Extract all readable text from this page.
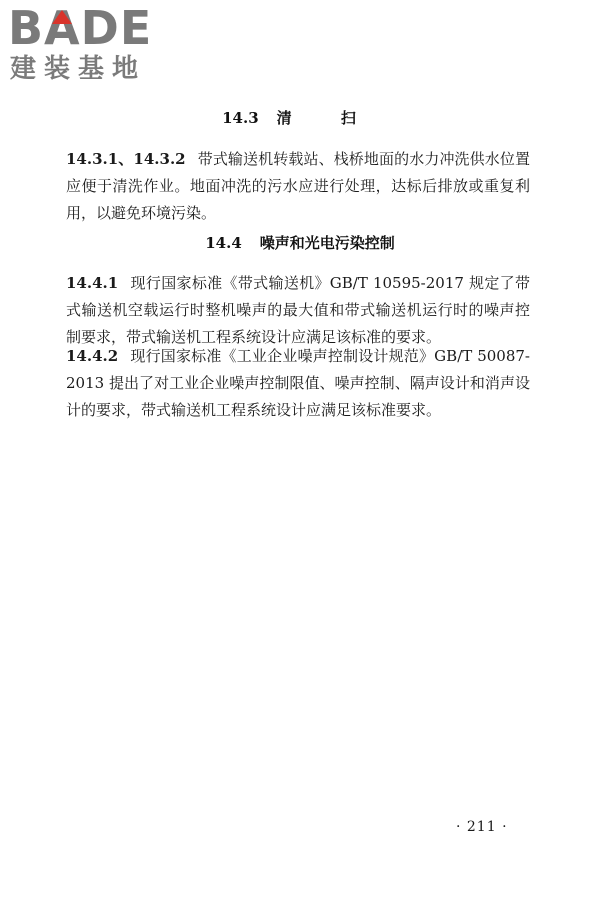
BADE
建装基地
14.3 清 扫
14.3.1、14.3.2 带式输送机转载站、栈桥地面的水力冲洗供水位置应便于清洗作业。地面冲洗的污水应进行处理，达标后排放或重复利用，以避免环境污染。
14.4 噪声和光电污染控制
14.4.1 现行国家标准《带式输送机》GB/T 10595-2017 规定了带式输送机空载运行时整机噪声的最大值和带式输送机运行时的噪声控制要求，带式输送机工程系统设计应满足该标准的要求。
14.4.2 现行国家标准《工业企业噪声控制设计规范》GB/T 50087-2013 提出了对工业企业噪声控制限值、噪声控制、隔声设计和消声设计的要求，带式输送机工程系统设计应满足该标准要求。
· 211 ·
